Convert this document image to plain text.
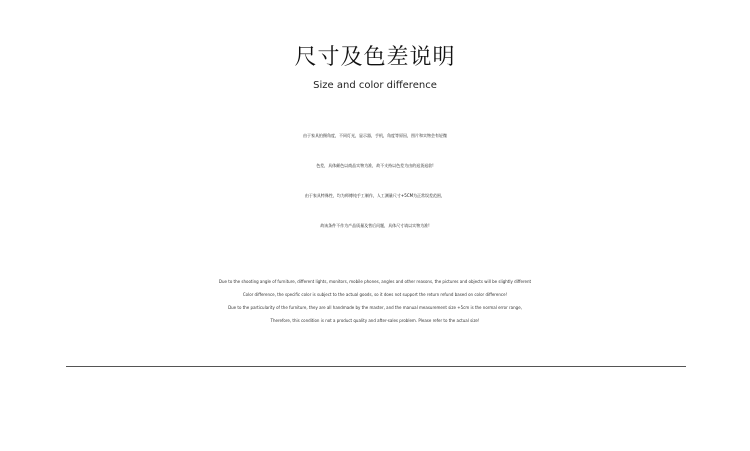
尺寸及色差说明
Size and color difference
由于家具拍摄角度，不同灯光，显示器，手机，角度等原因，图片和实物会有轻微
色差，具体颜色以商品实物为准，故不支持以色差为由的退货退款!
由于家具特殊性，均为师傅纯手工制作，人工测量尺寸+5CM为正常误差范围，
故该条件不作为产品质量及售后问题，具体尺寸请以实物为准!
Due to the shooting angle of furniture, different lights, monitors, mobile phones, angles and other reasons, the pictures and objects will be slightly different
Color difference, the specific color is subject to the actual goods, so it does not support the return refund based on color difference!
Due to the particularity of the furniture, they are all handmade by the master, and the manual measurement size +5cm is the normal error range,
Therefore, this condition is not a product quality and after-sales problem. Please refer to the actual size!
